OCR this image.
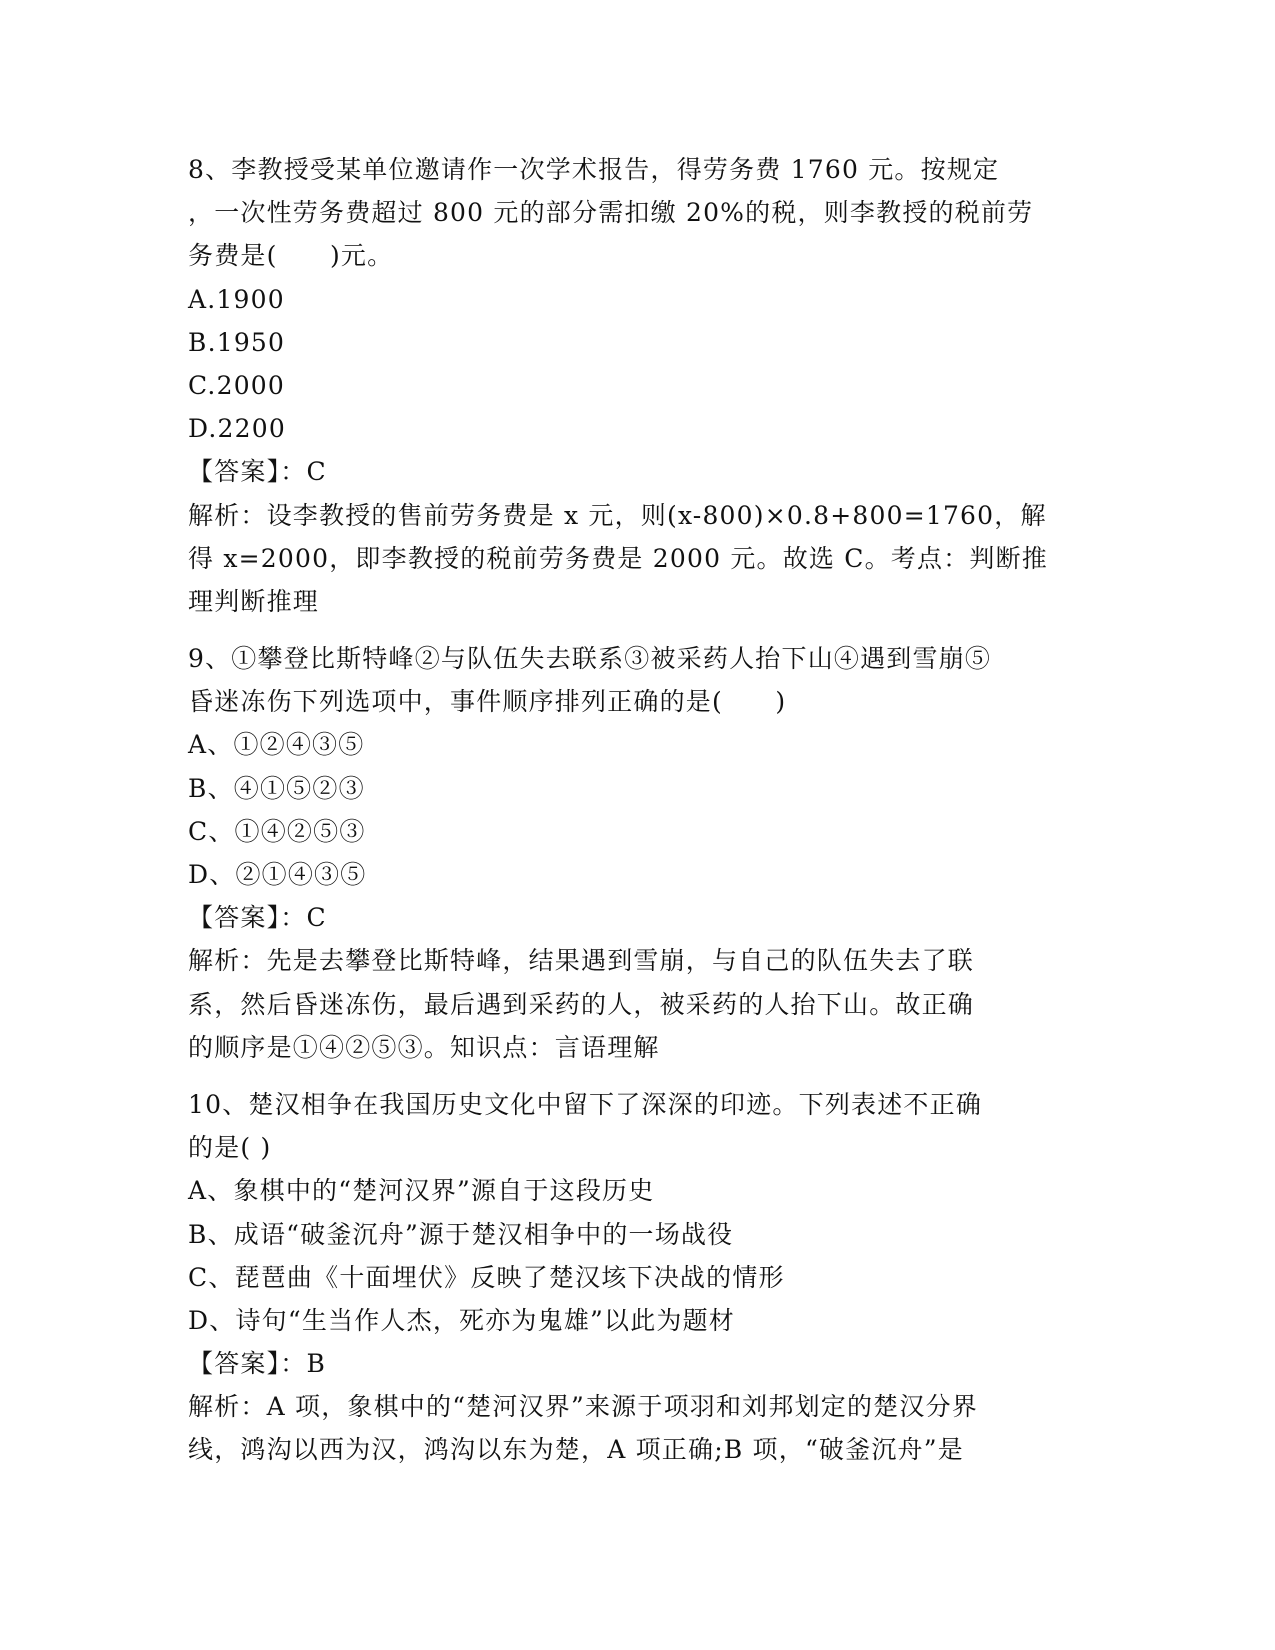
8、李教授受某单位邀请作一次学术报告，得劳务费 1760 元。按规定
，一次性劳务费超过 800 元的部分需扣缴 20%的税，则李教授的税前劳
务费是(　　)元。
A.1900
B.1950
C.2000
D.2200
【答案】：C
解析：设李教授的售前劳务费是 x 元，则(x-800)×0.8+800=1760，解
得 x=2000，即李教授的税前劳务费是 2000 元。故选 C。考点：判断推
理判断推理
9、①攀登比斯特峰②与队伍失去联系③被采药人抬下山④遇到雪崩⑤
昏迷冻伤下列选项中，事件顺序排列正确的是(　　)
A、①②④③⑤
B、④①⑤②③
C、①④②⑤③
D、②①④③⑤
【答案】：C
解析：先是去攀登比斯特峰，结果遇到雪崩，与自己的队伍失去了联
系，然后昏迷冻伤，最后遇到采药的人，被采药的人抬下山。故正确
的顺序是①④②⑤③。知识点：言语理解
10、楚汉相争在我国历史文化中留下了深深的印迹。下列表述不正确
的是( )
A、象棋中的“楚河汉界”源自于这段历史
B、成语“破釜沉舟”源于楚汉相争中的一场战役
C、琵琶曲《十面埋伏》反映了楚汉垓下决战的情形
D、诗句“生当作人杰，死亦为鬼雄”以此为题材
【答案】：B
解析：A 项，象棋中的“楚河汉界”来源于项羽和刘邦划定的楚汉分界
线，鸿沟以西为汉，鸿沟以东为楚，A 项正确;B 项，“破釜沉舟”是
